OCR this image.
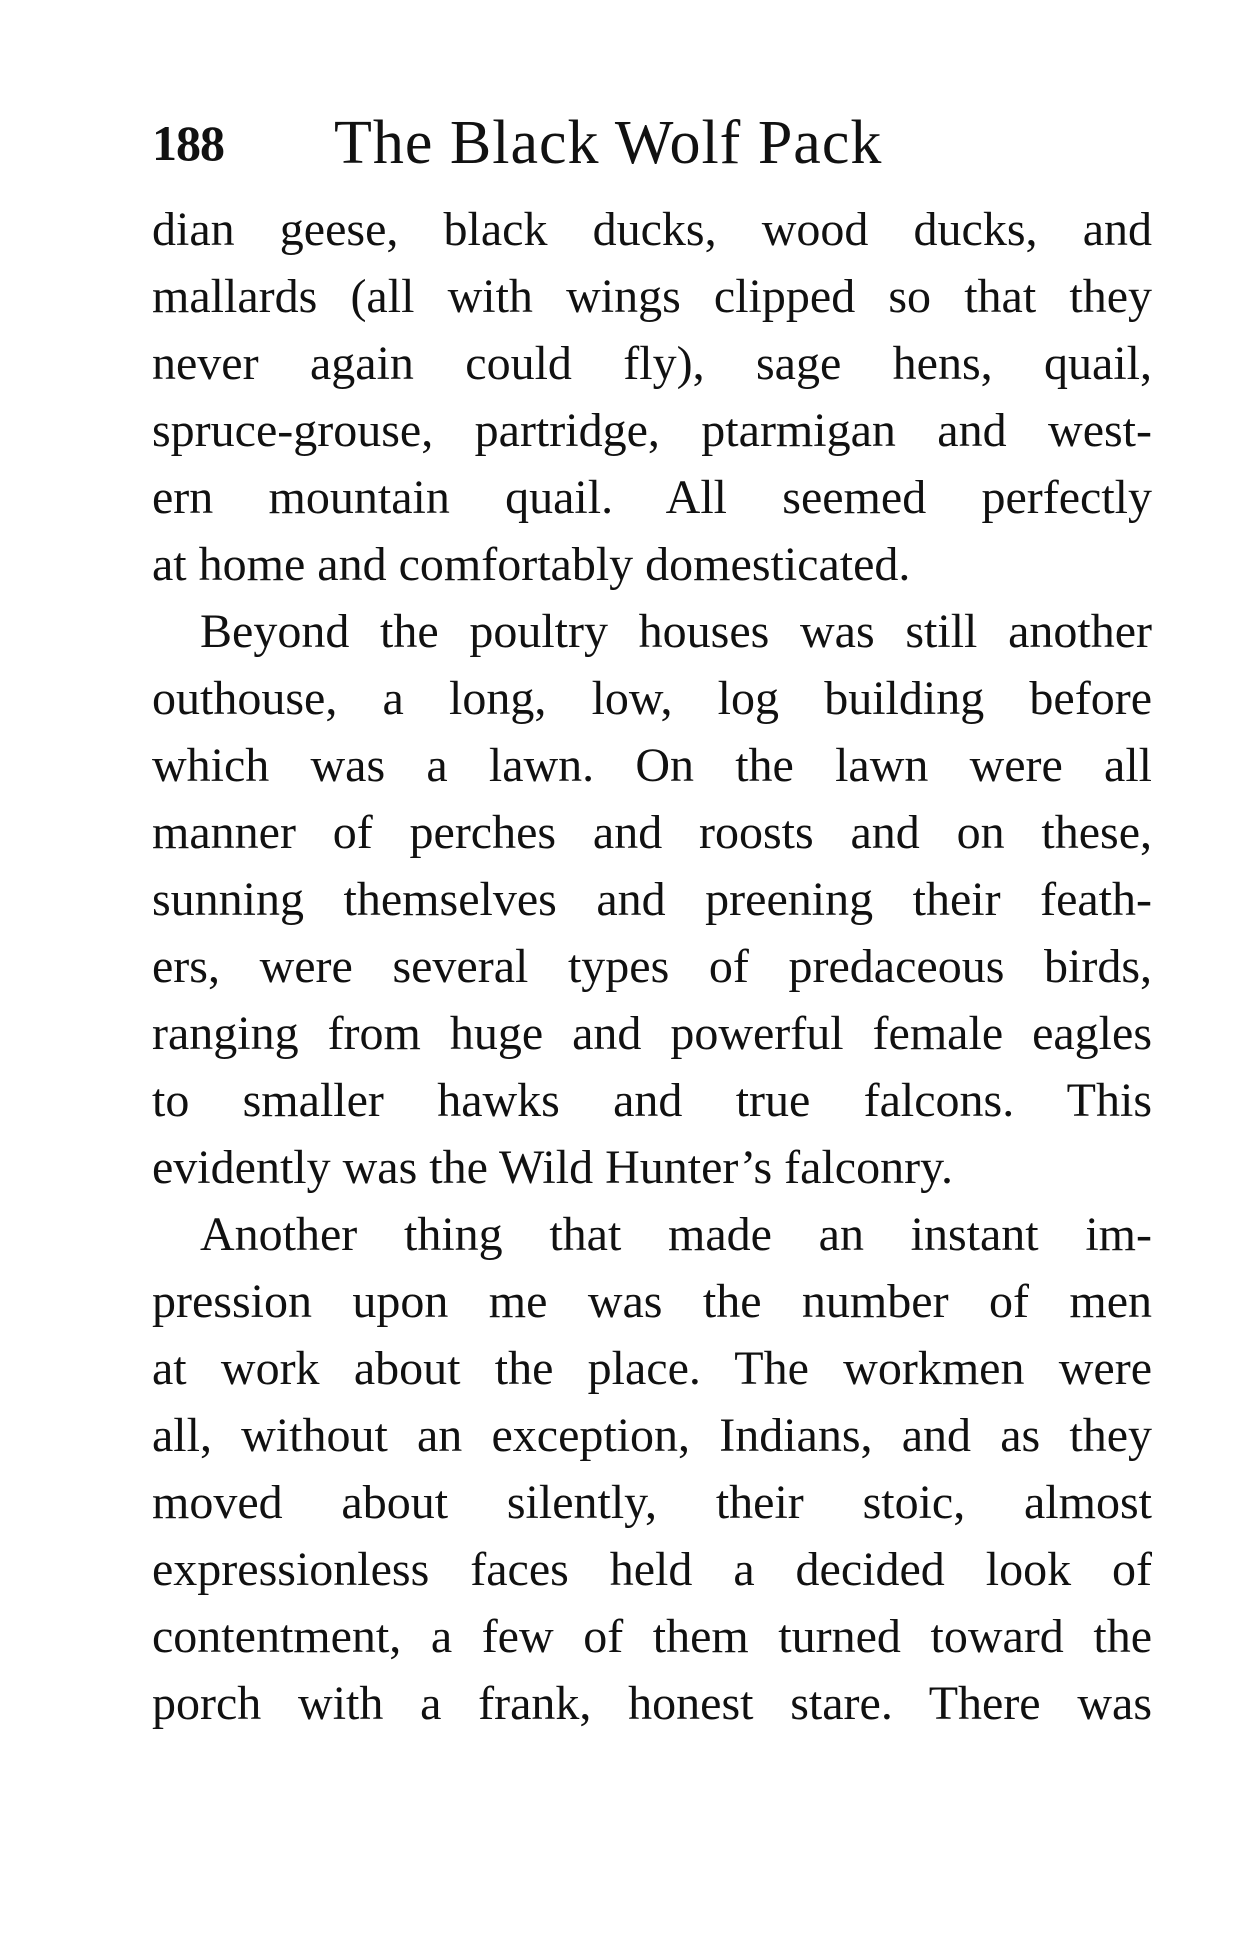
188 The Black Wolf Pack
dian geese, black ducks, wood ducks, and
mallards (all with wings clipped so that they
never again could fly), sage hens, quail,
spruce-grouse, partridge, ptarmigan and west-
ern mountain quail. All seemed perfectly
at home and comfortably domesticated.
Beyond the poultry houses was still another
outhouse, a long, low, log building before
which was a lawn. On the lawn were all
manner of perches and roosts and on these,
sunning themselves and preening their feath-
ers, were several types of predaceous birds,
ranging from huge and powerful female eagles
to smaller hawks and true falcons. This
evidently was the Wild Hunter’s falconry.
Another thing that made an instant im-
pression upon me was the number of men
at work about the place. The workmen were
all, without an exception, Indians, and as they
moved about silently, their stoic, almost
expressionless faces held a decided look of
contentment, a few of them turned toward the
porch with a frank, honest stare. There was
